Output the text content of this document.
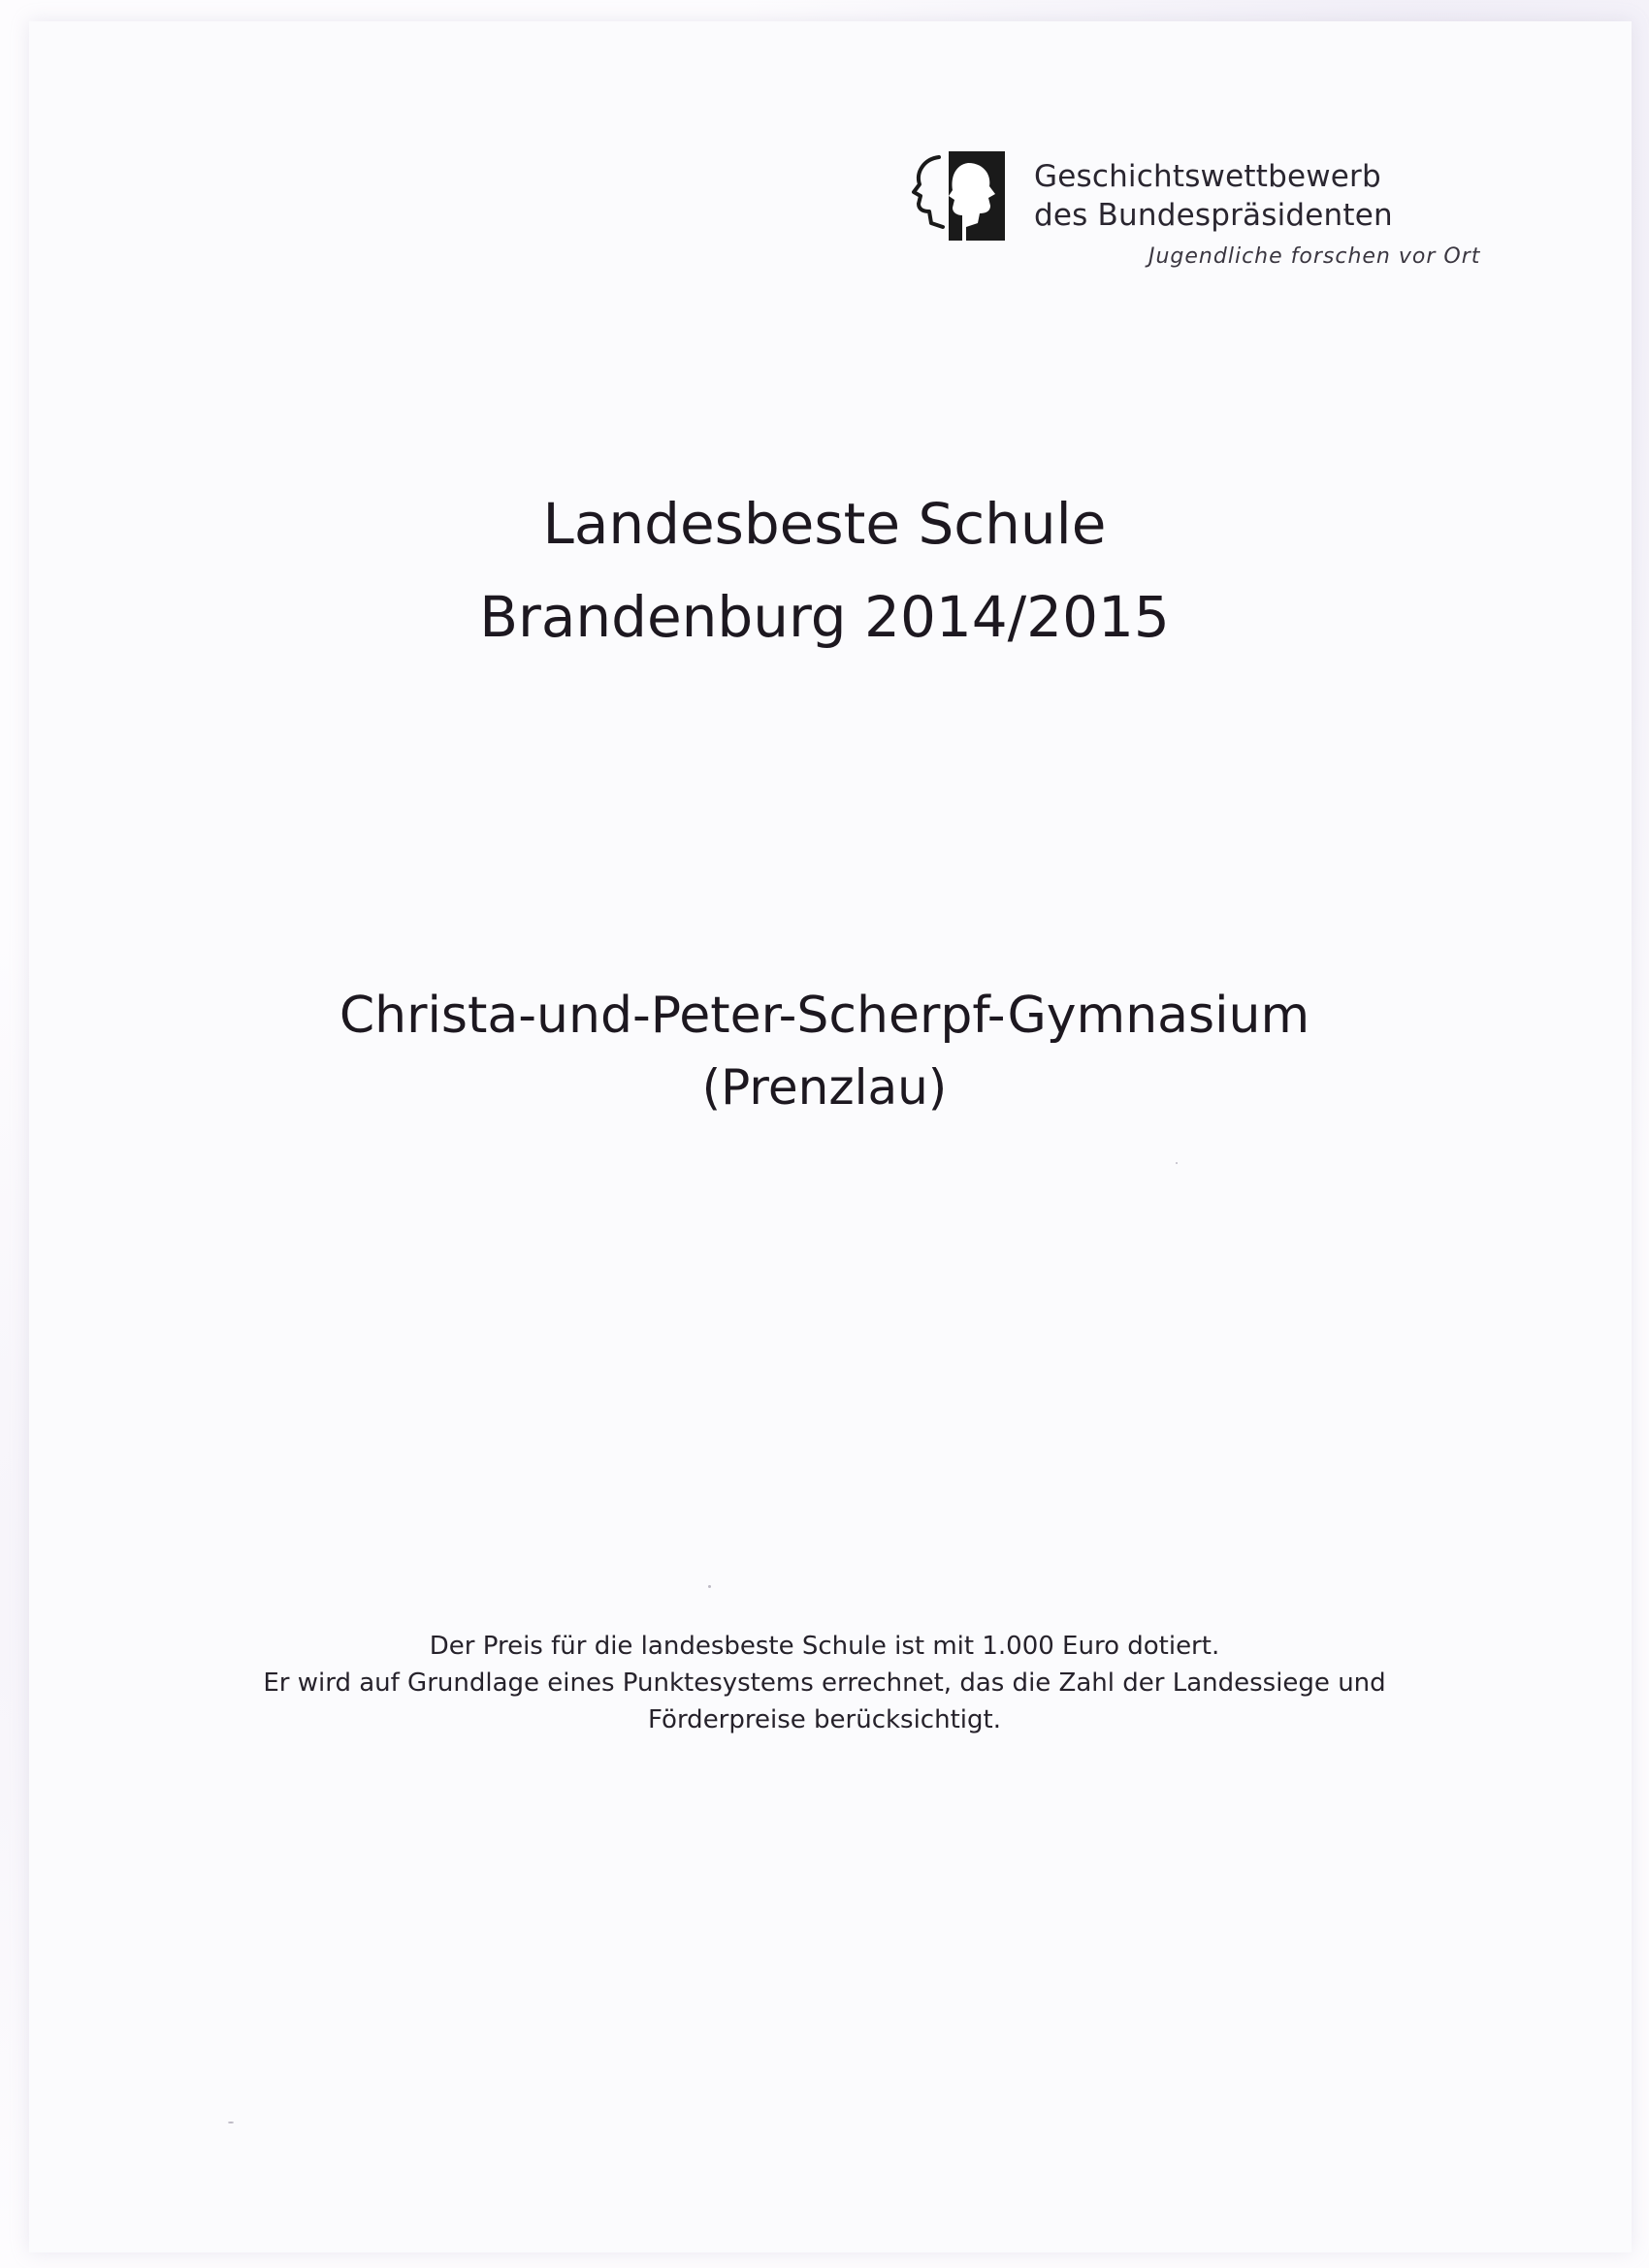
Geschichtswettbewerb
des Bundespräsidenten
Jugendliche forschen vor Ort
Landesbeste Schule
Brandenburg 2014/2015
Christa-und-Peter-Scherpf-Gymnasium
(Prenzlau)
Der Preis für die landesbeste Schule ist mit 1.000 Euro dotiert.
Er wird auf Grundlage eines Punktesystems errechnet, das die Zahl der Landessiege und
Förderpreise berücksichtigt.
